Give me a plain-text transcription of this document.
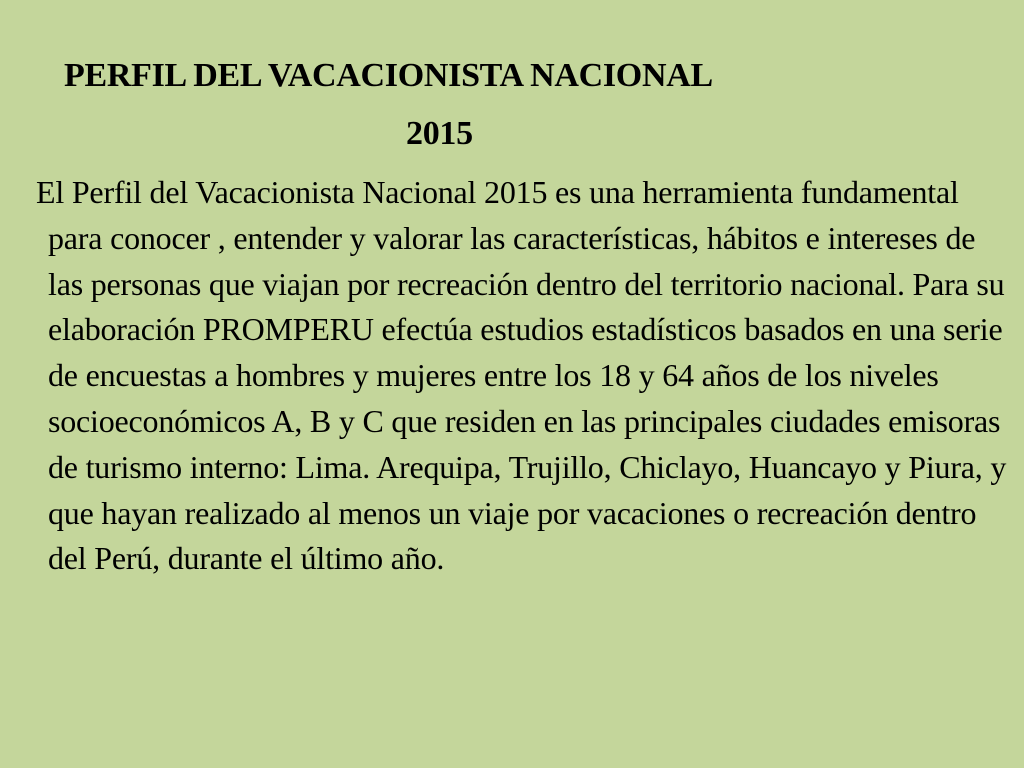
PERFIL DEL VACACIONISTA NACIONAL
2015
El Perfil del Vacacionista Nacional 2015 es una herramienta fundamental para conocer , entender y valorar las características, hábitos e intereses de las personas que viajan por recreación dentro del territorio nacional. Para su elaboración PROMPERU efectúa estudios estadísticos basados en una serie de encuestas a hombres y mujeres entre los 18 y 64 años de los niveles socioeconómicos A, B y C que residen en las principales ciudades emisoras de turismo interno: Lima. Arequipa, Trujillo, Chiclayo, Huancayo y Piura, y que hayan realizado al menos un viaje por vacaciones o recreación dentro del Perú, durante el último año.
